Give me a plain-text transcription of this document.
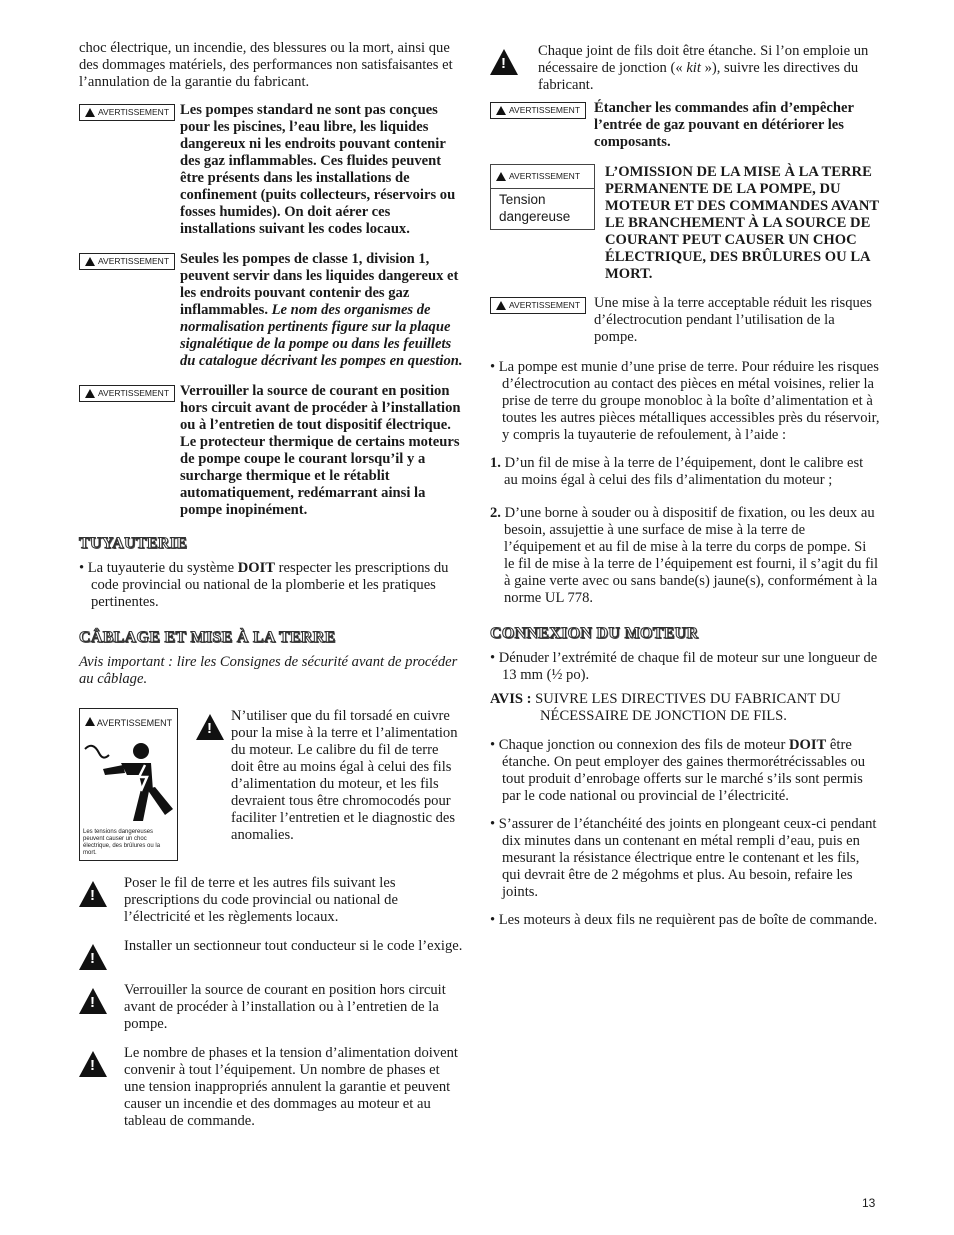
choc électrique, un incendie, des blessures ou la mort, ainsi que des dommages matériels, des performances non satisfaisantes et l’annulation de la garantie du fabricant.

AVERTISSEMENT Les pompes standard ne sont pas conçues pour les piscines, l’eau libre, les liquides dangereux ni les endroits pouvant contenir des gaz inflammables. Ces fluides peuvent être présents dans les installations de confinement (puits collecteurs, réservoirs ou fosses humides). On doit aérer ces installations suivant les codes locaux.

AVERTISSEMENT Seules les pompes de classe 1, division 1, peuvent servir dans les liquides dangereux et les endroits pouvant contenir des gaz inflammables. Le nom des organismes de normalisation pertinents figure sur la plaque signalétique de la pompe ou dans les feuillets du catalogue décrivant les pompes en question.

AVERTISSEMENT Verrouiller la source de courant en position hors circuit avant de procéder à l’installation ou à l’entretien de tout dispositif électrique. Le protecteur thermique de certains moteurs de pompe coupe le courant lorsqu’il y a surcharge thermique et le rétablit automatiquement, redémarrant ainsi la pompe inopinément.

TUYAUTERIE

• La tuyauterie du système DOIT respecter les prescriptions du code provincial ou national de la plomberie et les pratiques pertinentes.

CÂBLAGE ET MISE À LA TERRE

Avis important : lire les Consignes de sécurité avant de procéder au câblage.

AVERTISSEMENT
Les tensions dangereuses peuvent causer un choc électrique, des brûlures ou la mort.
!

N’utiliser que du fil torsadé en cuivre pour la mise à la terre et l’alimentation du moteur. Le calibre du fil de terre doit être au moins égal à celui des fils d’alimentation du moteur, et les fils devraient tous être chromocodés pour faciliter l’entretien et le diagnostic des anomalies.

!

Poser le fil de terre et les autres fils suivant les prescriptions du code provincial ou national de l’électricité et les règlements locaux.

!

Installer un sectionneur tout conducteur si le code l’exige.

!

Verrouiller la source de courant en position hors circuit avant de procéder à l’installation ou à l’entretien de la pompe.

!

Le nombre de phases et la tension d’alimentation doivent convenir à tout l’équipement. Un nombre de phases et une tension inappropriés annulent la garantie et peuvent causer un incendie et des dommages au moteur et au tableau de commande.

!

Chaque joint de fils doit être étanche. Si l’on emploie un nécessaire de jonction (« kit »), suivre les directives du fabricant.

AVERTISSEMENT Étancher les commandes afin d’empêcher l’entrée de gaz pouvant en détériorer les composants.

AVERTISSEMENT
Tension dangereuse

L’OMISSION DE LA MISE À LA TERRE PERMANENTE DE LA POMPE, DU MOTEUR ET DES COMMANDES AVANT LE BRANCHEMENT À LA SOURCE DE COURANT PEUT CAUSER UN CHOC ÉLECTRIQUE, DES BRÛLURES OU LA MORT.

AVERTISSEMENT Une mise à la terre acceptable réduit les risques d’électrocution pendant l’utilisation de la pompe.

• La pompe est munie d’une prise de terre. Pour réduire les risques d’électrocution au contact des pièces en métal voisines, relier la prise de terre du groupe monobloc à la boîte d’alimentation et à toutes les autres pièces métalliques accessibles près du réservoir, y compris la tuyauterie de refoulement, à l’aide :

1. D’un fil de mise à la terre de l’équipement, dont le calibre est au moins égal à celui des fils d’alimentation du moteur ;

2. D’une borne à souder ou à dispositif de fixation, ou les deux au besoin, assujettie à une surface de mise à la terre de l’équipement et au fil de mise à la terre du corps de pompe. Si le fil de mise à la terre de l’équipement est fourni, il s’agit du fil à gaine verte avec ou sans bande(s) jaune(s), conformément à la norme UL 778.

CONNEXION DU MOTEUR

• Dénuder l’extrémité de chaque fil de moteur sur une longueur de 13 mm (½ po).

AVIS : SUIVRE LES DIRECTIVES DU FABRICANT DU NÉCESSAIRE DE JONCTION DE FILS.

• Chaque jonction ou connexion des fils de moteur DOIT être étanche. On peut employer des gaines thermorétrécissables ou tout produit d’enrobage offerts sur le marché s’ils sont permis par le code national ou provincial de l’électricité.

• S’assurer de l’étanchéité des joints en plongeant ceux-ci pendant dix minutes dans un contenant en métal rempli d’eau, puis en mesurant la résistance électrique entre le contenant et les fils, qui devrait être de 2 mégohms et plus. Au besoin, refaire les joints.

• Les moteurs à deux fils ne requièrent pas de boîte de commande.

13
